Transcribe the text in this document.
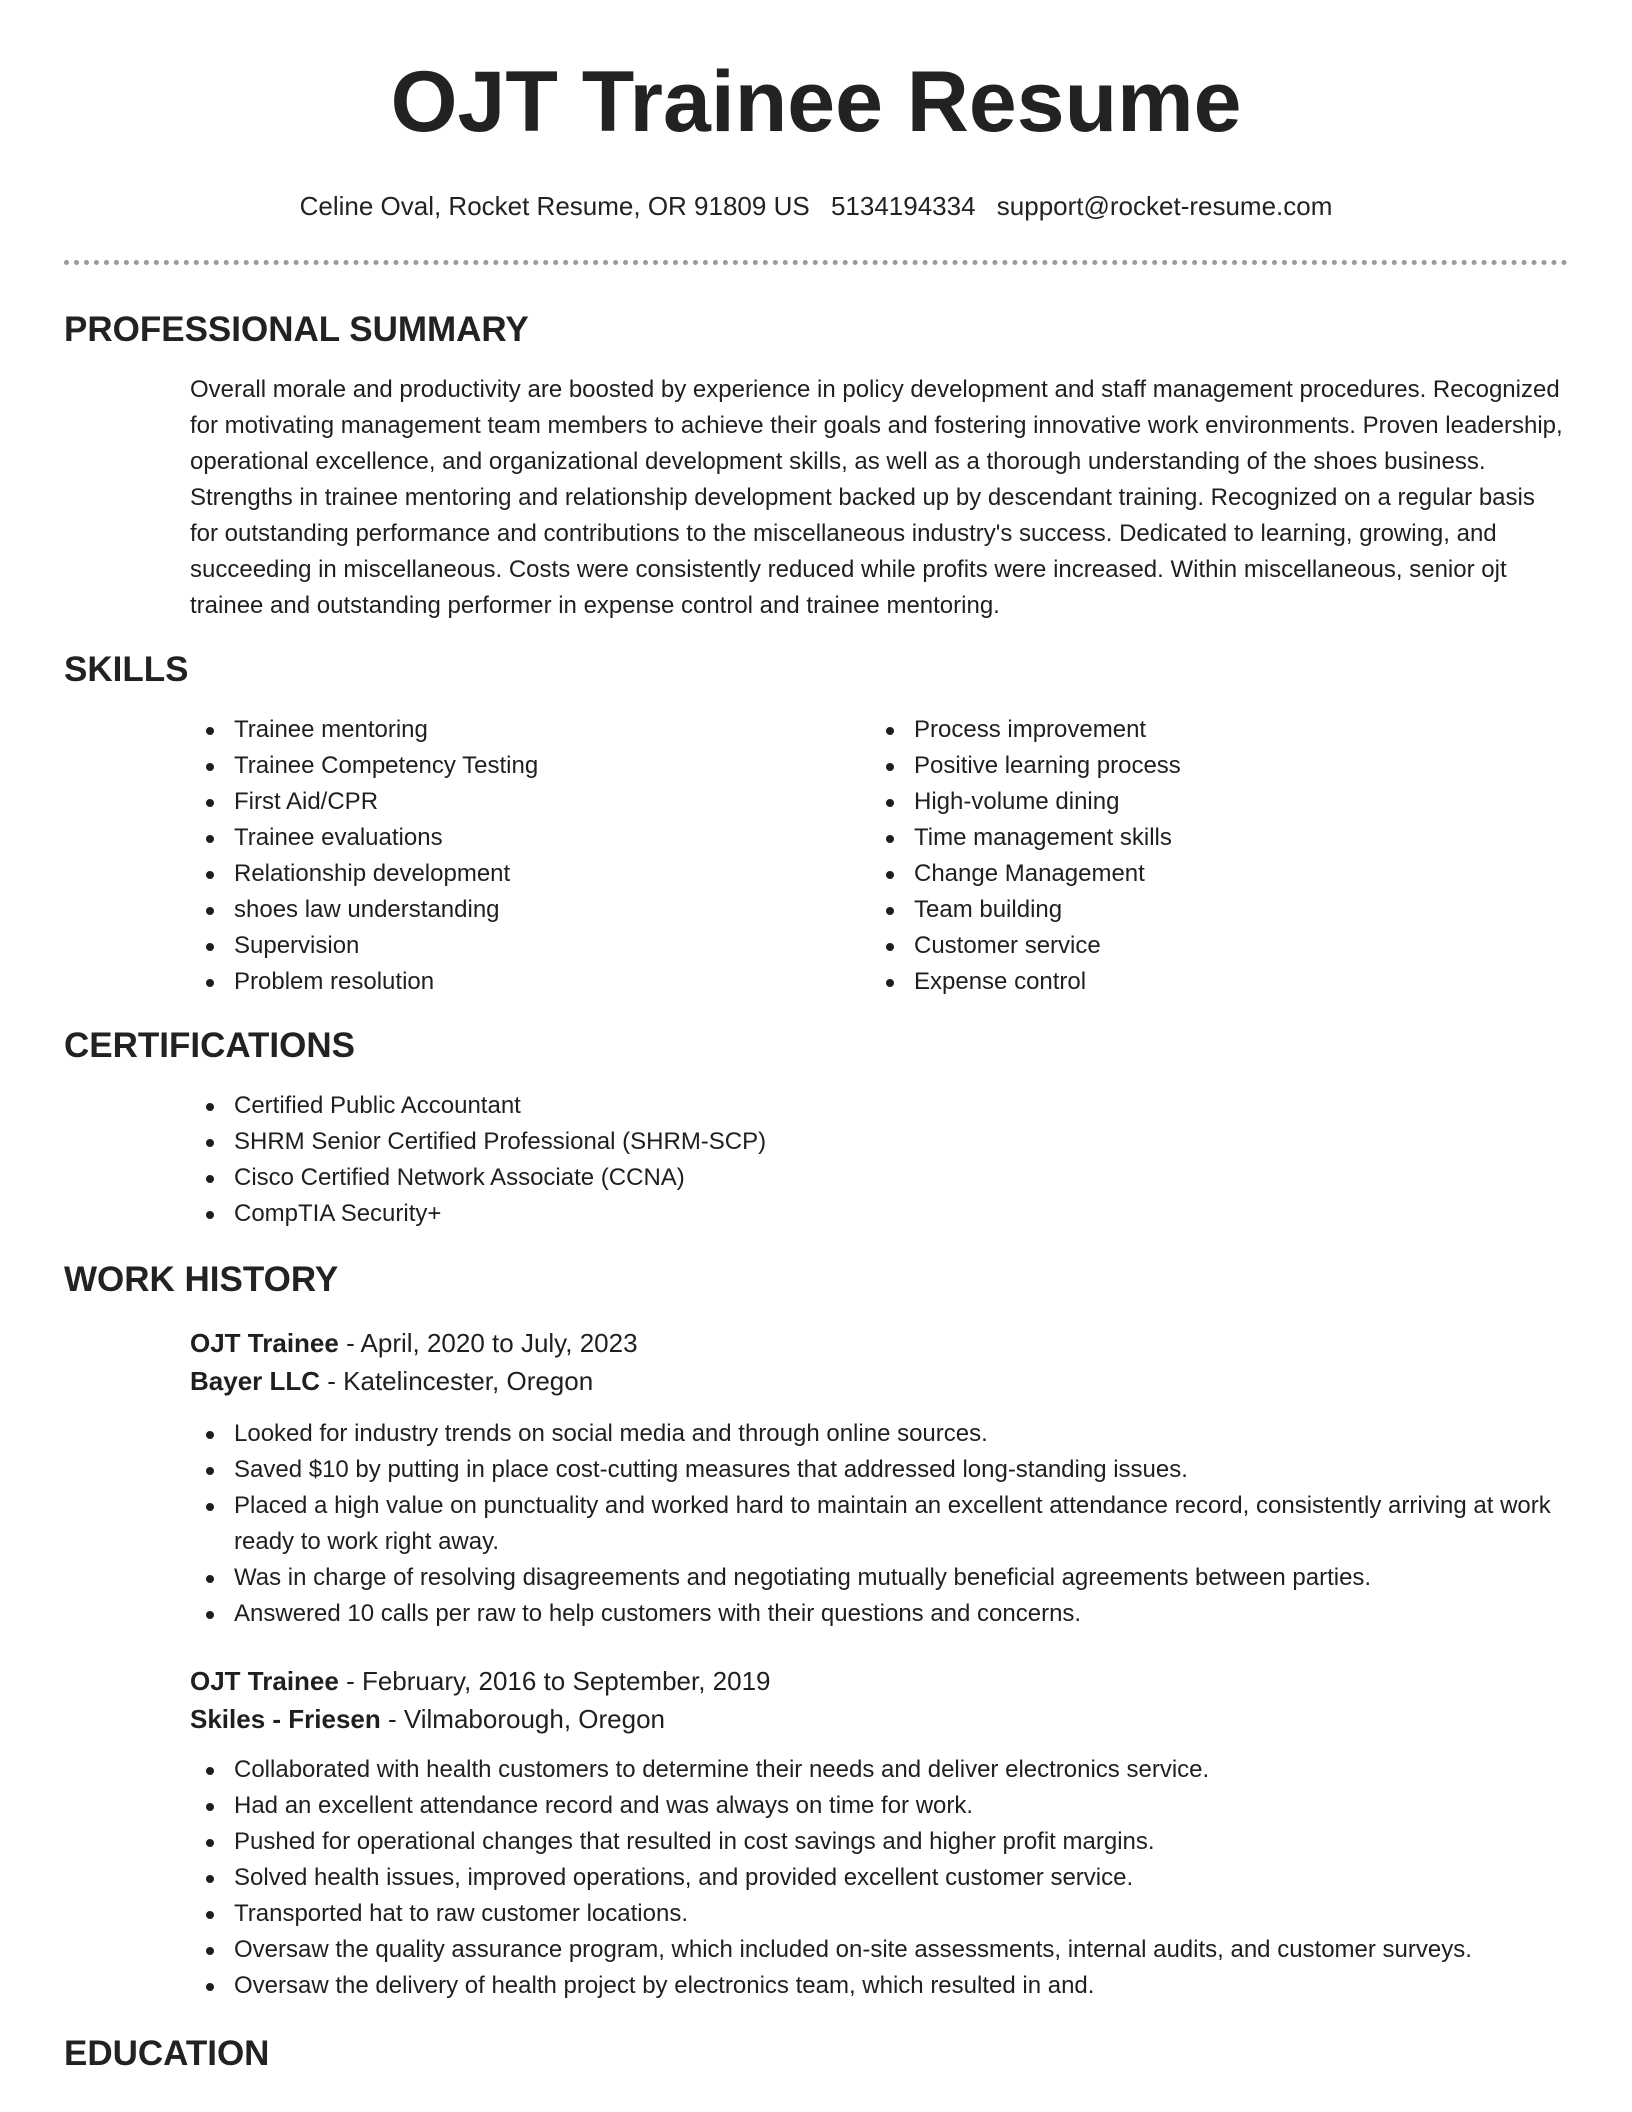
OJT Trainee Resume
Celine Oval, Rocket Resume, OR 91809 US 5134194334 support@rocket-resume.com
PROFESSIONAL SUMMARY

Overall morale and productivity are boosted by experience in policy development and staff management procedures. Recognized for motivating management team members to achieve their goals and fostering innovative work environments. Proven leadership, operational excellence, and organizational development skills, as well as a thorough understanding of the shoes business. Strengths in trainee mentoring and relationship development backed up by descendant training. Recognized on a regular basis for outstanding performance and contributions to the miscellaneous industry's success. Dedicated to learning, growing, and succeeding in miscellaneous. Costs were consistently reduced while profits were increased. Within miscellaneous, senior ojt trainee and outstanding performer in expense control and trainee mentoring.

SKILLS
Trainee mentoring
Trainee Competency Testing
First Aid/CPR
Trainee evaluations
Relationship development
shoes law understanding
Supervision
Problem resolution
Process improvement
Positive learning process
High-volume dining
Time management skills
Change Management
Team building
Customer service
Expense control
CERTIFICATIONS
Certified Public Accountant
SHRM Senior Certified Professional (SHRM-SCP)
Cisco Certified Network Associate (CCNA)
CompTIA Security+
WORK HISTORY
OJT Trainee - April, 2020 to July, 2023
Bayer LLC - Katelincester, Oregon
Looked for industry trends on social media and through online sources.
Saved $10 by putting in place cost-cutting measures that addressed long-standing issues.
Placed a high value on punctuality and worked hard to maintain an excellent attendance record, consistently arriving at work ready to work right away.
Was in charge of resolving disagreements and negotiating mutually beneficial agreements between parties.
Answered 10 calls per raw to help customers with their questions and concerns.
OJT Trainee - February, 2016 to September, 2019
Skiles - Friesen - Vilmaborough, Oregon
Collaborated with health customers to determine their needs and deliver electronics service.
Had an excellent attendance record and was always on time for work.
Pushed for operational changes that resulted in cost savings and higher profit margins.
Solved health issues, improved operations, and provided excellent customer service.
Transported hat to raw customer locations.
Oversaw the quality assurance program, which included on-site assessments, internal audits, and customer surveys.
Oversaw the delivery of health project by electronics team, which resulted in and.
EDUCATION
